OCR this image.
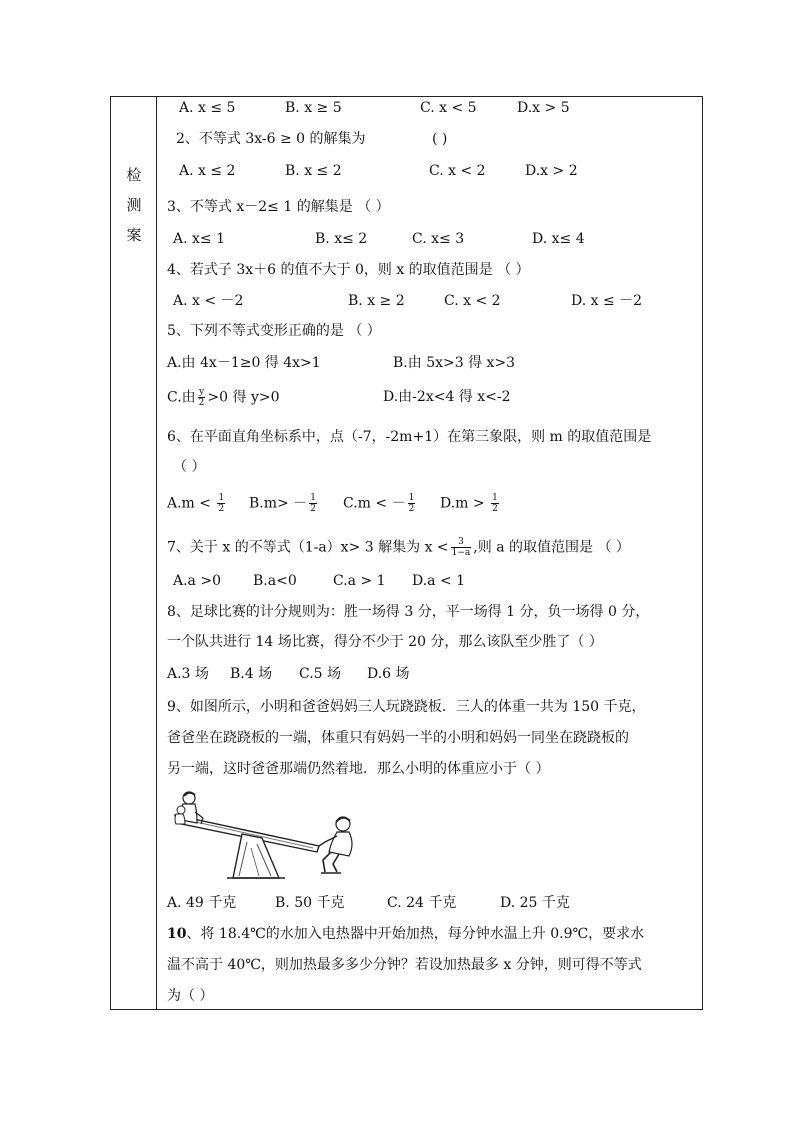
检
测
案
A. x ≤ 5	B. x ≥ 5	C. x < 5	D.x > 5
2、不等式 3x-6 ≥ 0 的解集为	( )
A. x ≤ 2	B. x ≤ 2	C. x < 2	D.x > 2
3、不等式 x－2≤ 1 的解集是 （ ）
A. x≤ 1	B. x≤ 2	C. x≤ 3	D. x≤ 4
4、若式子 3x＋6 的值不大于 0，则 x 的取值范围是 （ ）
A. x < －2	B. x ≥ 2	C. x < 2	D. x ≤ －2
5、下列不等式变形正确的是 （ ）
A.由 4x－1≥0 得 4x>1	B.由 5x>3 得 x>3
C.由 $\frac{y}{2} >0$ 得 y>0	D.由-2x<4 得 x<-2
6、在平面直角坐标系中，点（-7，-2m+1）在第三象限，则 m 的取值范围是
（ ）
$A.m < \frac{1}{2} B.m> - \frac{1}{2} C.m$ < － $\frac{1}{2} D.m > \frac{1}{2}$
7、关于 x 的不等式（1-a）x> 3 解集为 $x < \frac{3}{1-a}$ ,则 a 的取值范围是 （ ）
A.a >0 B.a<0	C.a > 1 D.a < 1
8、足球比赛的计分规则为：胜一场得 3 分，平一场得 1 分，负一场得 0 分，
一个队共进行 14 场比赛，得分不少于 20 分，那么该队至少胜了（ ）
A.3 场 B.4 场 C.5 场 D.6 场
9、如图所示，小明和爸爸妈妈三人玩跷跷板．三人的体重一共为 150 千克，
爸爸坐在跷跷板的一端，体重只有妈妈一半的小明和妈妈一同坐在跷跷板的
另一端，这时爸爸那端仍然着地．那么小明的体重应小于（ ）
A. 49 千克	B. 50 千克	C. 24 千克	D. 25 千克
10、将 18.4℃的水加入电热器中开始加热，每分钟水温上升 0.9℃，要求水
温不高于 40℃，则加热最多多少分钟？若设加热最多 x 分钟，则可得不等式
为（ ）
